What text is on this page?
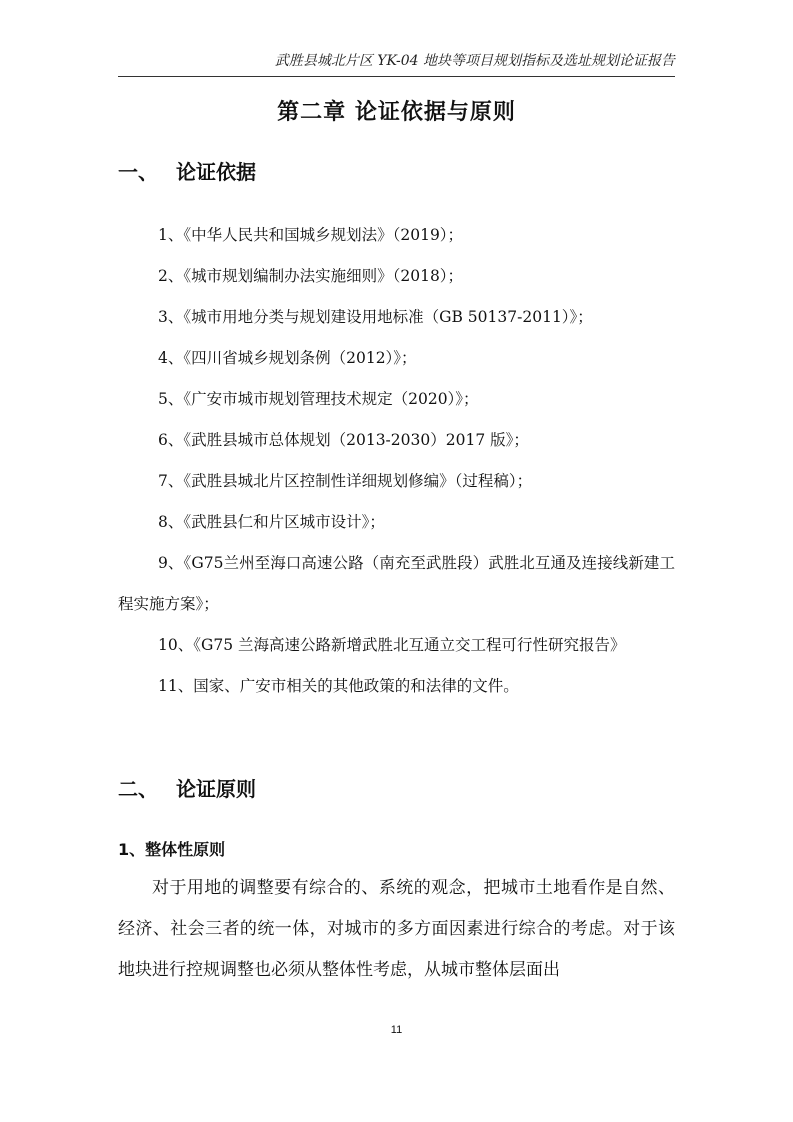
武胜县城北片区 YK-04 地块等项目规划指标及选址规划论证报告
第二章 论证依据与原则
一、 论证依据
1、《中华人民共和国城乡规划法》（2019）；
2、《城市规划编制办法实施细则》（2018）；
3、《城市用地分类与规划建设用地标准（GB 50137-2011）》；
4、《四川省城乡规划条例（2012）》；
5、《广安市城市规划管理技术规定（2020）》；
6、《武胜县城市总体规划（2013-2030）2017 版》；
7、《武胜县城北片区控制性详细规划修编》（过程稿）；
8、《武胜县仁和片区城市设计》；
9、《G75兰州至海口高速公路（南充至武胜段）武胜北互通及连接线新建工程实施方案》；
10、《G75 兰海高速公路新增武胜北互通立交工程可行性研究报告》
11、国家、广安市相关的其他政策的和法律的文件。
二、 论证原则
1、整体性原则

对于用地的调整要有综合的、系统的观念，把城市土地看作是自然、经济、社会三者的统一体，对城市的多方面因素进行综合的考虑。对于该地块进行控规调整也必须从整体性考虑，从城市整体层面出

11
